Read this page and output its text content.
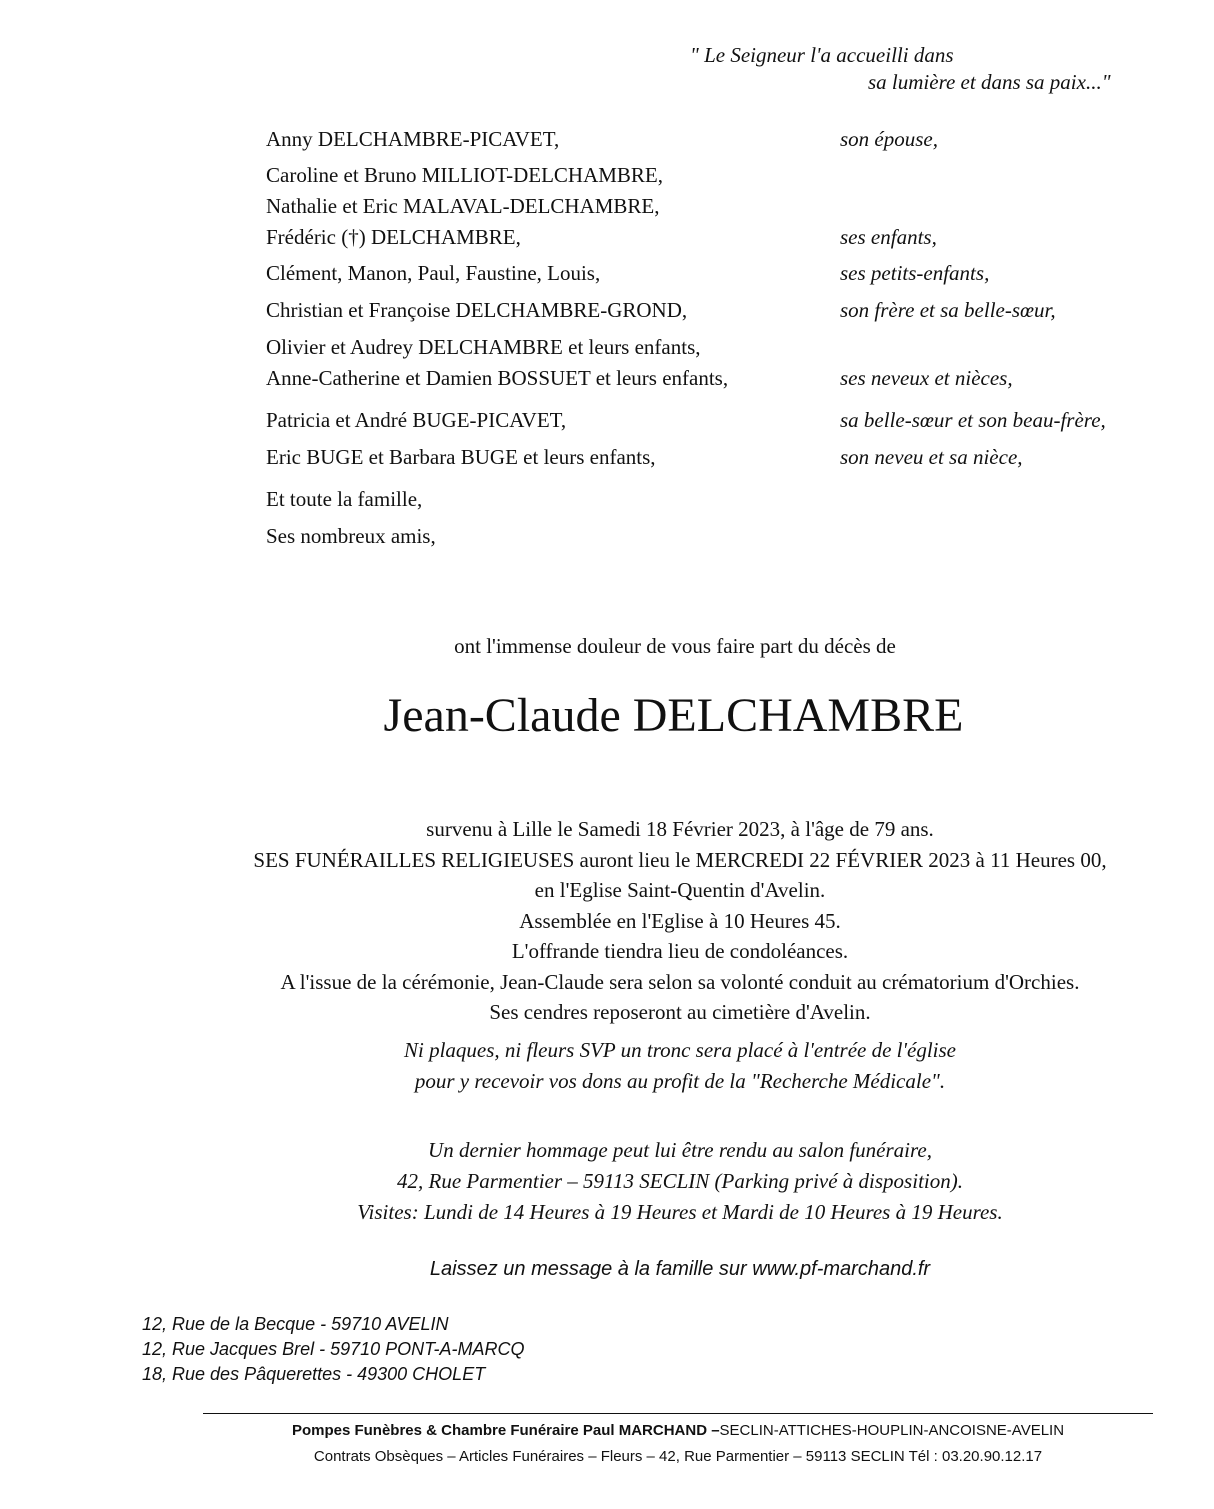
" Le Seigneur l'a accueilli dans
sa lumière et dans sa paix..."
Anny DELCHAMBRE-PICAVET,	son épouse,
Caroline et Bruno MILLIOT-DELCHAMBRE,
Nathalie et Eric MALAVAL-DELCHAMBRE,
Frédéric (†) DELCHAMBRE,	ses enfants,
Clément, Manon, Paul, Faustine, Louis,	ses petits-enfants,
Christian et Françoise DELCHAMBRE-GROND,	son frère et sa belle-sœur,
Olivier et Audrey DELCHAMBRE et leurs enfants,
Anne-Catherine et Damien BOSSUET et leurs enfants,	ses neveux et nièces,
Patricia et André BUGE-PICAVET,	sa belle-sœur et son beau-frère,
Eric BUGE et Barbara BUGE et leurs enfants,	son neveu et sa nièce,
Et toute la famille,
Ses nombreux amis,
ont l'immense douleur de vous faire part du décès de
Jean-Claude DELCHAMBRE
survenu à Lille le Samedi 18 Février 2023, à l'âge de 79 ans.
SES FUNÉRAILLES RELIGIEUSES auront lieu le MERCREDI 22 FÉVRIER 2023 à 11 Heures 00,
en l'Eglise Saint-Quentin d'Avelin.
Assemblée en l'Eglise à 10 Heures 45.
L'offrande tiendra lieu de condoléances.
A l'issue de la cérémonie, Jean-Claude sera selon sa volonté conduit au crématorium d'Orchies.
Ses cendres reposeront au cimetière d'Avelin.
Ni plaques, ni fleurs SVP un tronc sera placé à l'entrée de l'église
pour y recevoir vos dons au profit de la "Recherche Médicale".
Un dernier hommage peut lui être rendu au salon funéraire,
42, Rue Parmentier – 59113 SECLIN (Parking privé à disposition).
Visites: Lundi de 14 Heures à 19 Heures et Mardi de 10 Heures à 19 Heures.
Laissez un message à la famille sur www.pf-marchand.fr
12, Rue de la Becque - 59710 AVELIN
12, Rue Jacques Brel - 59710 PONT-A-MARCQ
18, Rue des Pâquerettes - 49300 CHOLET
Pompes Funèbres & Chambre Funéraire Paul MARCHAND –SECLIN-ATTICHES-HOUPLIN-ANCOISNE-AVELIN
Contrats Obsèques – Articles Funéraires – Fleurs – 42, Rue Parmentier – 59113 SECLIN Tél : 03.20.90.12.17
